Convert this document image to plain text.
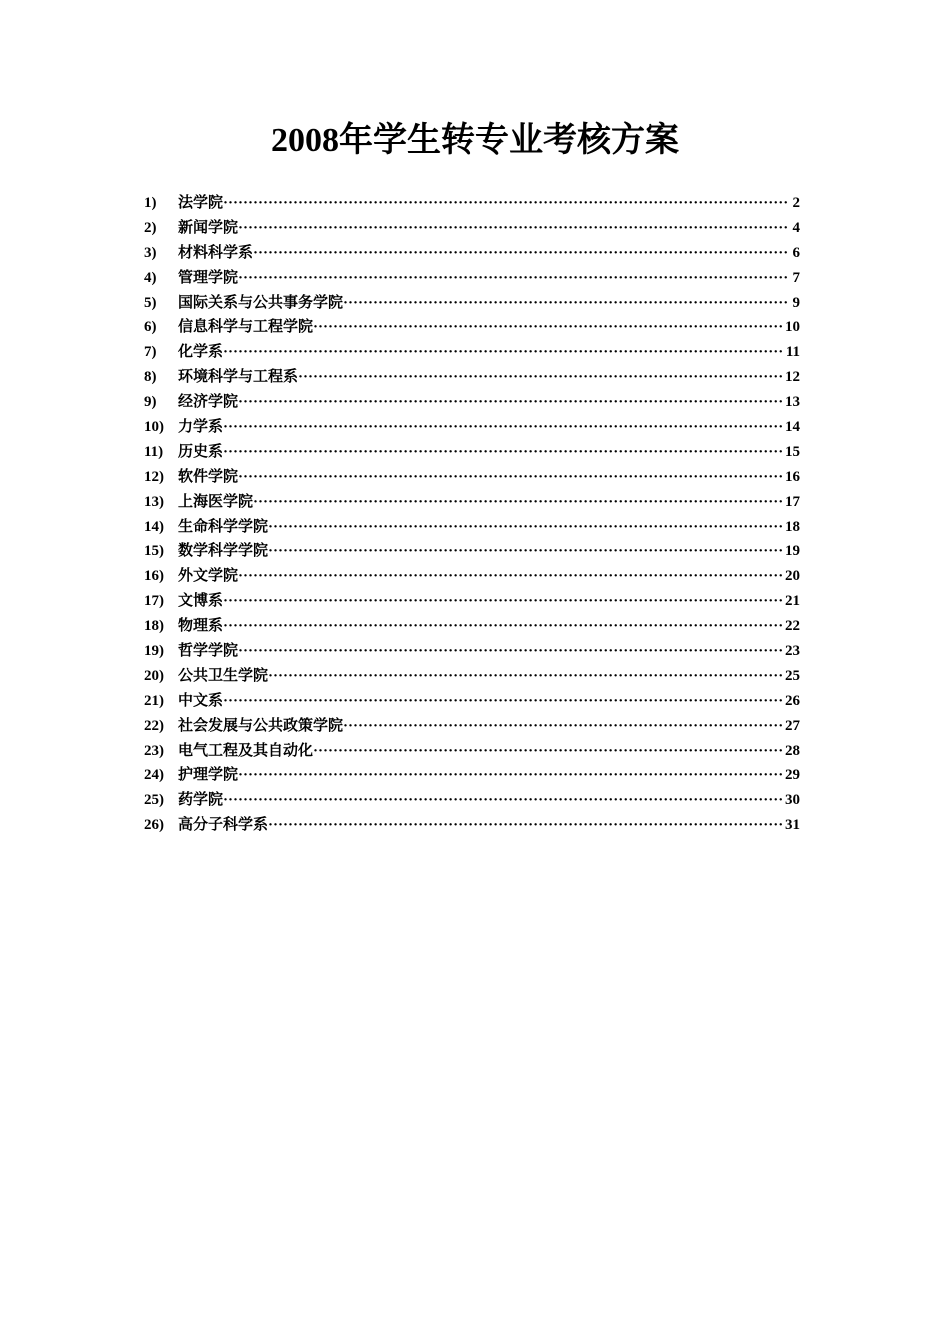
2008年学生转专业考核方案
1)	法学院 ················································································································· 2
2)	新闻学院 ·············································································································· 4
3)	材料科学系 ··········································································································· 6
4)	管理学院 ·············································································································· 7
5)	国际关系与公共事务学院 ························································································· 9
6)	信息科学与工程学院 ······························································································ 10
7)	化学系 ················································································································ 11
8)	环境科学与工程系 ································································································· 12
9)	经济学院 ············································································································· 13
10) 力学系 ················································································································ 14
11) 历史系 ················································································································ 15
12) 软件学院 ············································································································· 16
13) 上海医学院 ·········································································································· 17
14) 生命科学学院 ······································································································· 18
15) 数学科学学院 ······································································································· 19
16) 外文学院 ············································································································· 20
17) 文博系 ················································································································ 21
18) 物理系 ················································································································ 22
19) 哲学学院 ············································································································· 23
20) 公共卫生学院 ······································································································· 25
21) 中文系 ················································································································ 26
22) 社会发展与公共政策学院 ························································································ 27
23) 电气工程及其自动化 ······························································································ 28
24) 护理学院 ············································································································· 29
25) 药学院 ················································································································ 30
26) 高分子科学系 ······································································································· 31
